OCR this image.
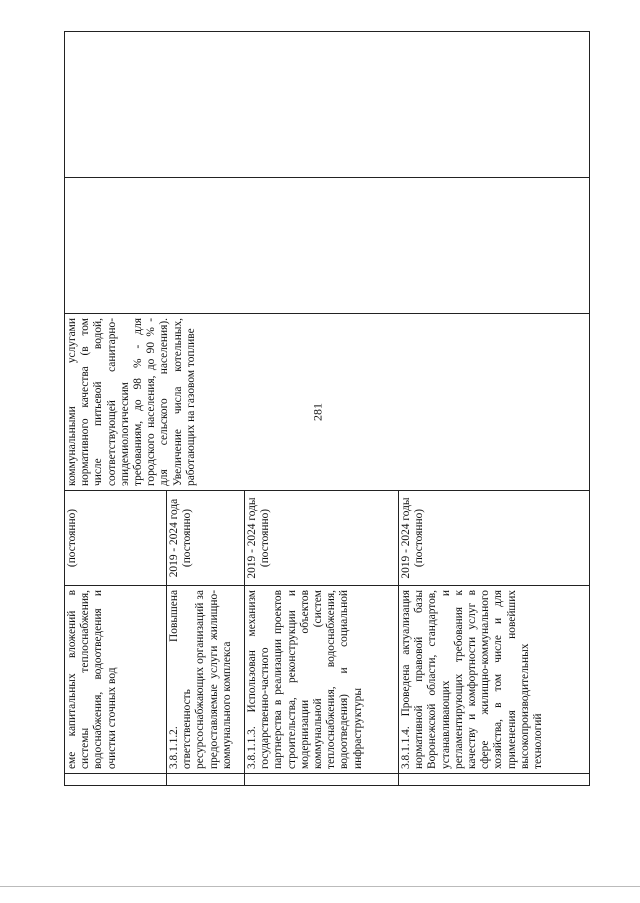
281
	еме капитальных вложений в системы теплоснабжения, водоснабжения, водоотведения и очистки сточных вод	(постоянно)	коммунальными услугами нормативного качества (в том числе питьевой водой, соответствующей санитарно-эпидемиологическим требованиям, до 98 % - для городского населения, до 90 % - для сельского населения). Увеличение числа котельных, работающих на газовом топливе		
	3.8.1.1.2. Повышена ответственность ресурсоснабжающих организаций за предоставляемые услуги жилищно-коммунального комплекса	2019 - 2024 года (постоянно)			
	3.8.1.1.3. Использован механизм государственно-частного партнерства в реализации проектов строительства, реконструкции и модернизации объектов коммунальной (систем теплоснабжения, водоснабжения, водоотведения) и социальной инфраструктуры	2019 - 2024 годы (постоянно)			
	3.8.1.1.4. Проведена актуализация нормативной правовой базы Воронежской области, стандартов, устанавливающих и регламентирующих требования к качеству и комфортности услуг в сфере жилищно-коммунального хозяйства, в том числе и для применения новейших высокопроизводительных технологий	2019 - 2024 годы (постоянно)			
